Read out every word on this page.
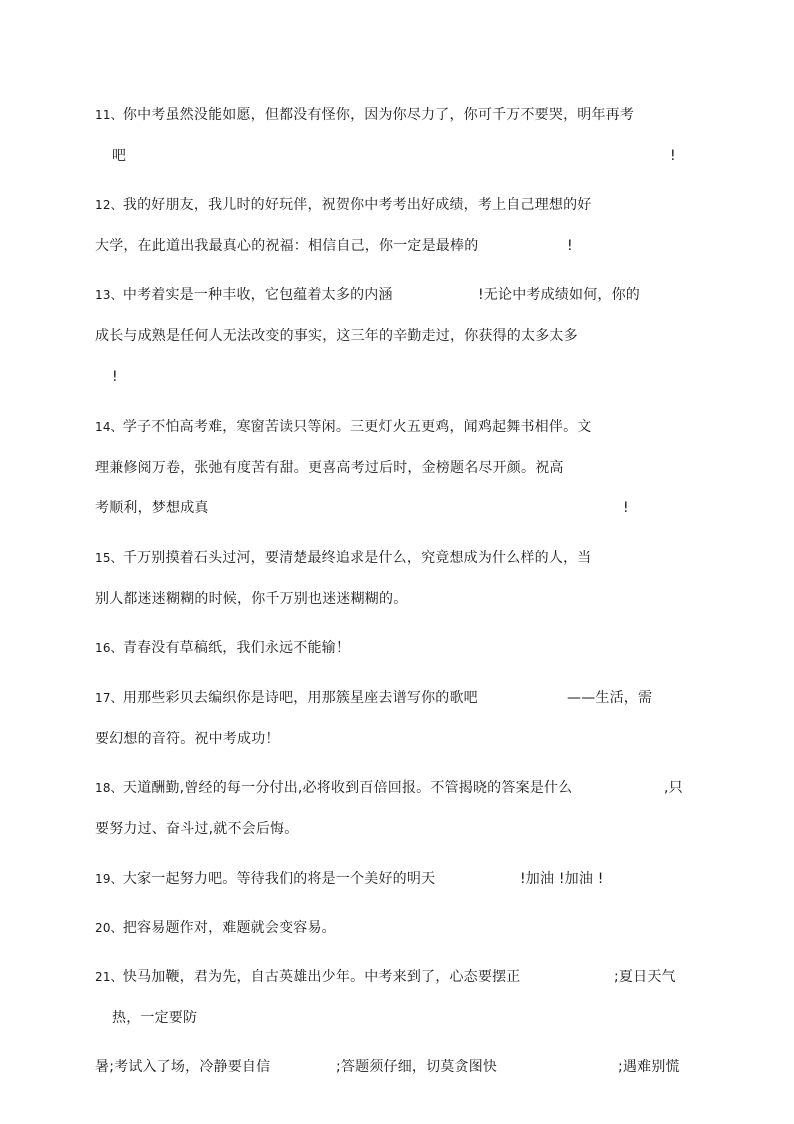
11、你中考虽然没能如愿，但都没有怪你，因为你尽力了，你可千万不要哭，明年再考
吧	!
12、我的好朋友，我儿时的好玩伴，祝贺你中考考出好成绩，考上自己理想的好
大学，在此道出我最真心的祝福：相信自己，你一定是最棒的	!
13、中考着实是一种丰收，它包蕴着太多的内涵	!无论中考成绩如何，你的
成长与成熟是任何人无法改变的事实，这三年的辛勤走过，你获得的太多太多
!
14、学子不怕高考难，寒窗苦读只等闲。三更灯火五更鸡，闻鸡起舞书相伴。文
理兼修阅万卷，张弛有度苦有甜。更喜高考过后时，金榜题名尽开颜。祝高
考顺利，梦想成真	!
15、千万别摸着石头过河，要清楚最终追求是什么，究竟想成为什么样的人，当
别人都迷迷糊糊的时候，你千万别也迷迷糊糊的。
16、青春没有草稿纸，我们永远不能输！
17、用那些彩贝去编织你是诗吧，用那簇星座去谱写你的歌吧	——生活，需
要幻想的音符。祝中考成功！
18、天道酬勤,曾经的每一分付出,必将收到百倍回报。不管揭晓的答案是什么	,只
要努力过、奋斗过,就不会后悔。
19、大家一起努力吧。等待我们的将是一个美好的明天	!加油 !加油 !
20、把容易题作对，难题就会变容易。
21、快马加鞭，君为先，自古英雄出少年。中考来到了，心态要摆正	;夏日天气
热，一定要防
暑;考试入了场，冷静要自信	;答题须仔细，切莫贪图快	;遇难别慌
